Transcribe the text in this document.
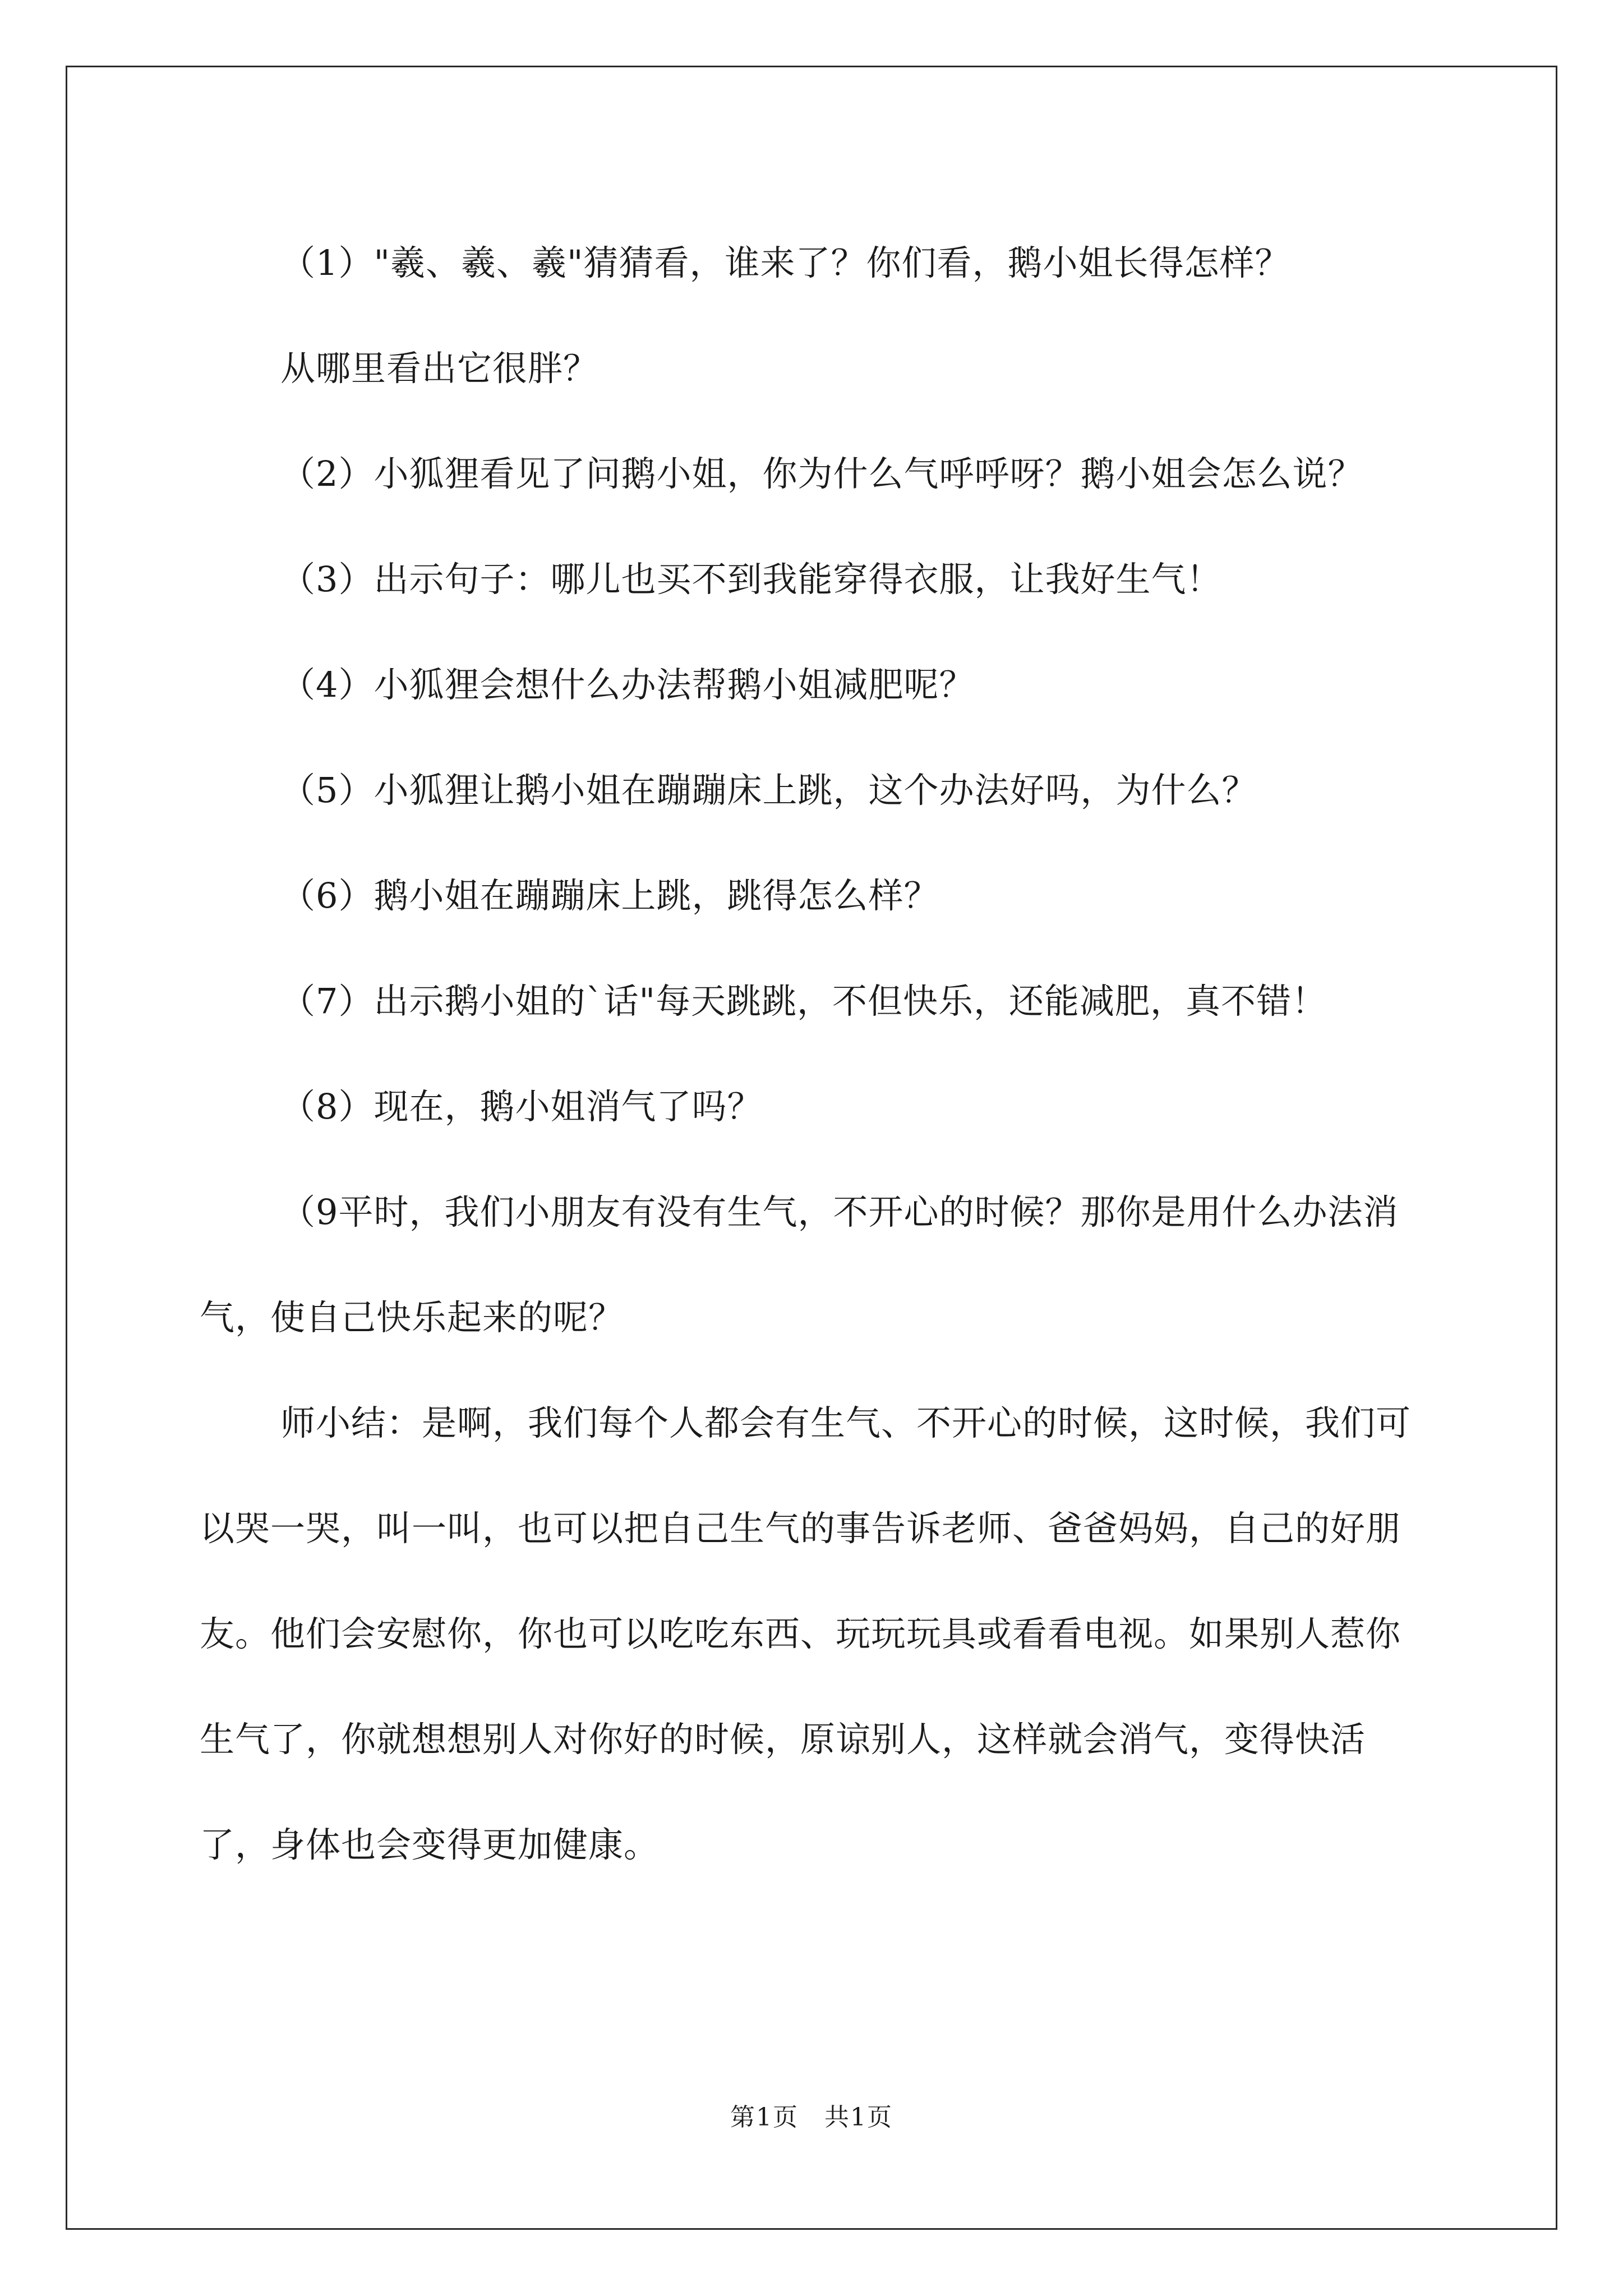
（1）"羲、羲、羲"猜猜看，谁来了？你们看，鹅小姐长得怎样？

从哪里看出它很胖？

（2）小狐狸看见了问鹅小姐，你为什么气呼呼呀？鹅小姐会怎么说？

（3）出示句子：哪儿也买不到我能穿得衣服，让我好生气！

（4）小狐狸会想什么办法帮鹅小姐减肥呢？

（5）小狐狸让鹅小姐在蹦蹦床上跳，这个办法好吗，为什么？

（6）鹅小姐在蹦蹦床上跳，跳得怎么样？

（7）出示鹅小姐的`话"每天跳跳，不但快乐，还能减肥，真不错！

（8）现在，鹅小姐消气了吗？

（9平时，我们小朋友有没有生气，不开心的时候？那你是用什么办法消气，使自己快乐起来的呢？

师小结：是啊，我们每个人都会有生气、不开心的时候，这时候，我们可以哭一哭，叫一叫，也可以把自己生气的事告诉老师、爸爸妈妈，自己的好朋友。他们会安慰你，你也可以吃吃东西、玩玩玩具或看看电视。如果别人惹你生气了，你就想想别人对你好的时候，原谅别人，这样就会消气，变得快活了，身体也会变得更加健康。

第1页　共1页
